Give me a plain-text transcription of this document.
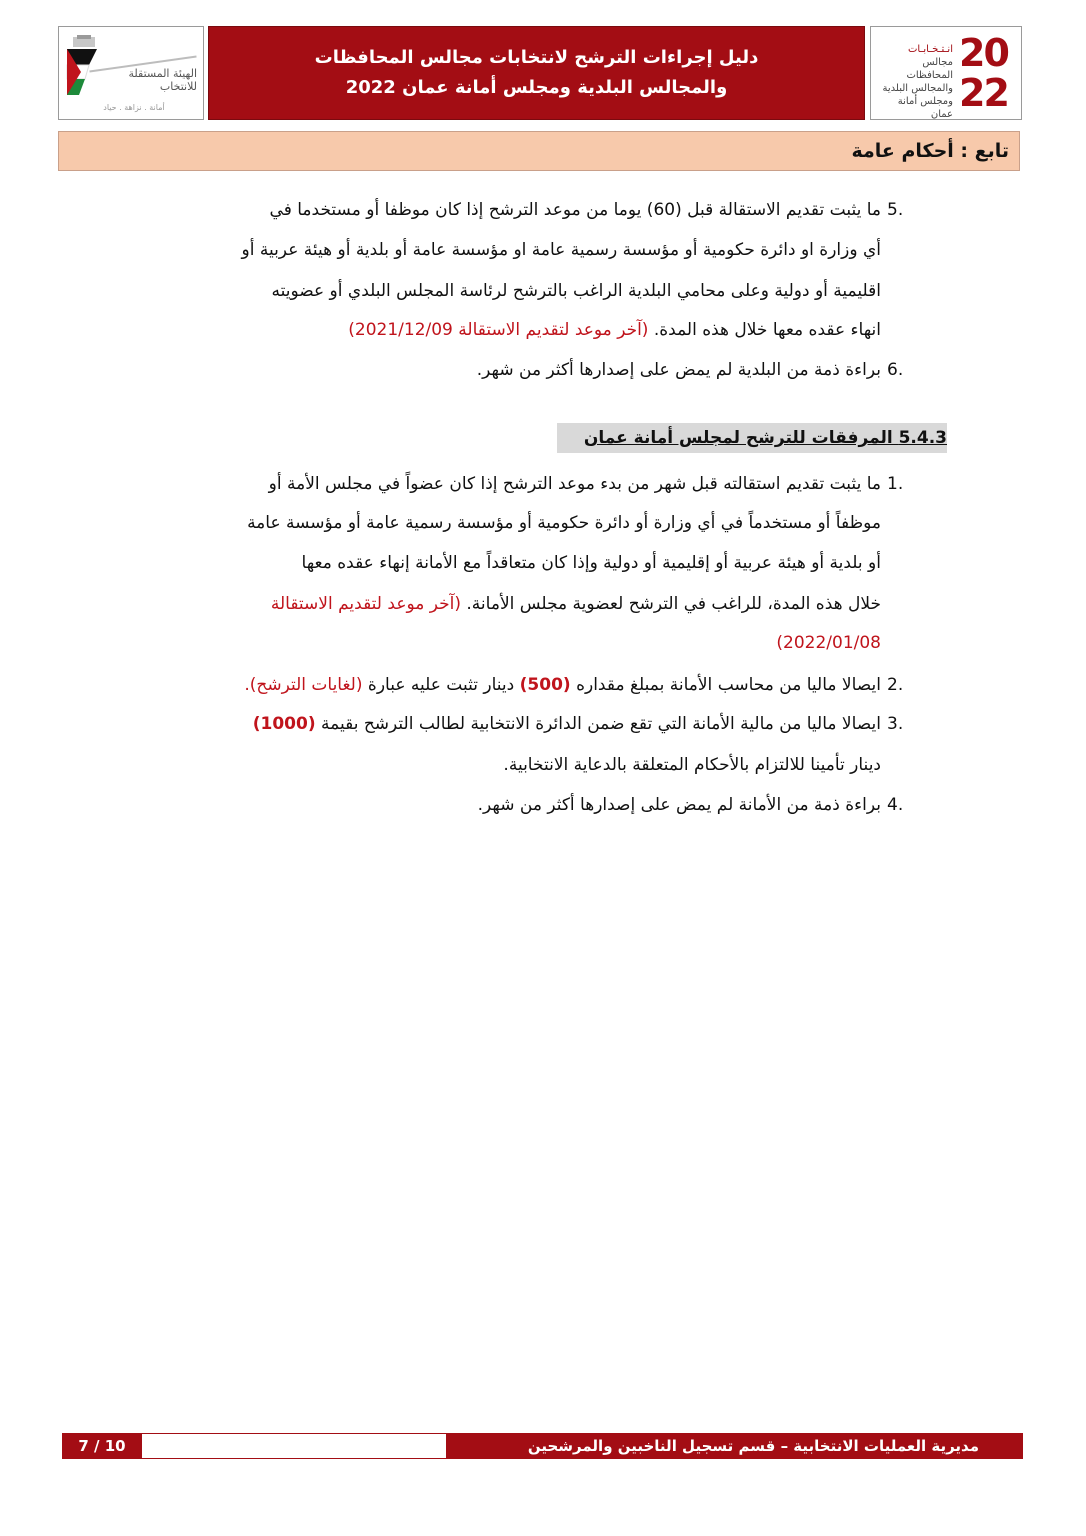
20
22
انـتـخـابـات
مجالس المحافظات
والمجالس البلدية
ومجلس أمانة عمان
دليل إجراءات الترشح لانتخابات مجالس المحافظات
والمجالس البلدية ومجلس أمانة عمان 2022
الهيئة المستقلة
للانتخاب
أمانة . نزاهة . حياد
تابع : أحكام عامة
5.
ما يثبت تقديم الاستقالة قبل (60) يوما من موعد الترشح إذا كان موظفا أو مستخدما في
أي وزارة او دائرة حكومية أو مؤسسة رسمية عامة او مؤسسة عامة أو بلدية أو هيئة عربية أو
اقليمية أو دولية وعلى محامي البلدية الراغب بالترشح لرئاسة المجلس البلدي أو عضويته
انهاء عقده معها خلال هذه المدة. (آخر موعد لتقديم الاستقالة 2021/12/09)
6.
براءة ذمة من البلدية لم يمض على إصدارها أكثر من شهر.
5.4.3 المرفقات للترشح لمجلس أمانة عمان
1.
ما يثبت تقديم استقالته قبل شهر من بدء موعد الترشح إذا كان عضواً في مجلس الأمة أو
موظفاً أو مستخدماً في أي وزارة أو دائرة حكومية أو مؤسسة رسمية عامة أو مؤسسة عامة
أو بلدية أو هيئة عربية أو إقليمية أو دولية وإذا كان متعاقداً مع الأمانة إنهاء عقده معها
خلال هذه المدة، للراغب في الترشح لعضوية مجلس الأمانة. (آخر موعد لتقديم الاستقالة
2022/01/08)
2.
ايصالا ماليا من محاسب الأمانة بمبلغ مقداره (500) دينار تثبت عليه عبارة (لغايات الترشح).
3.
ايصالا ماليا من مالية الأمانة التي تقع ضمن الدائرة الانتخابية لطالب الترشح بقيمة (1000)
دينار تأمينا للالتزام بالأحكام المتعلقة بالدعاية الانتخابية.
4.
براءة ذمة من الأمانة لم يمض على إصدارها أكثر من شهر.
7 / 10	مديرية العمليات الانتخابية – قسم تسجيل الناخبين والمرشحين
